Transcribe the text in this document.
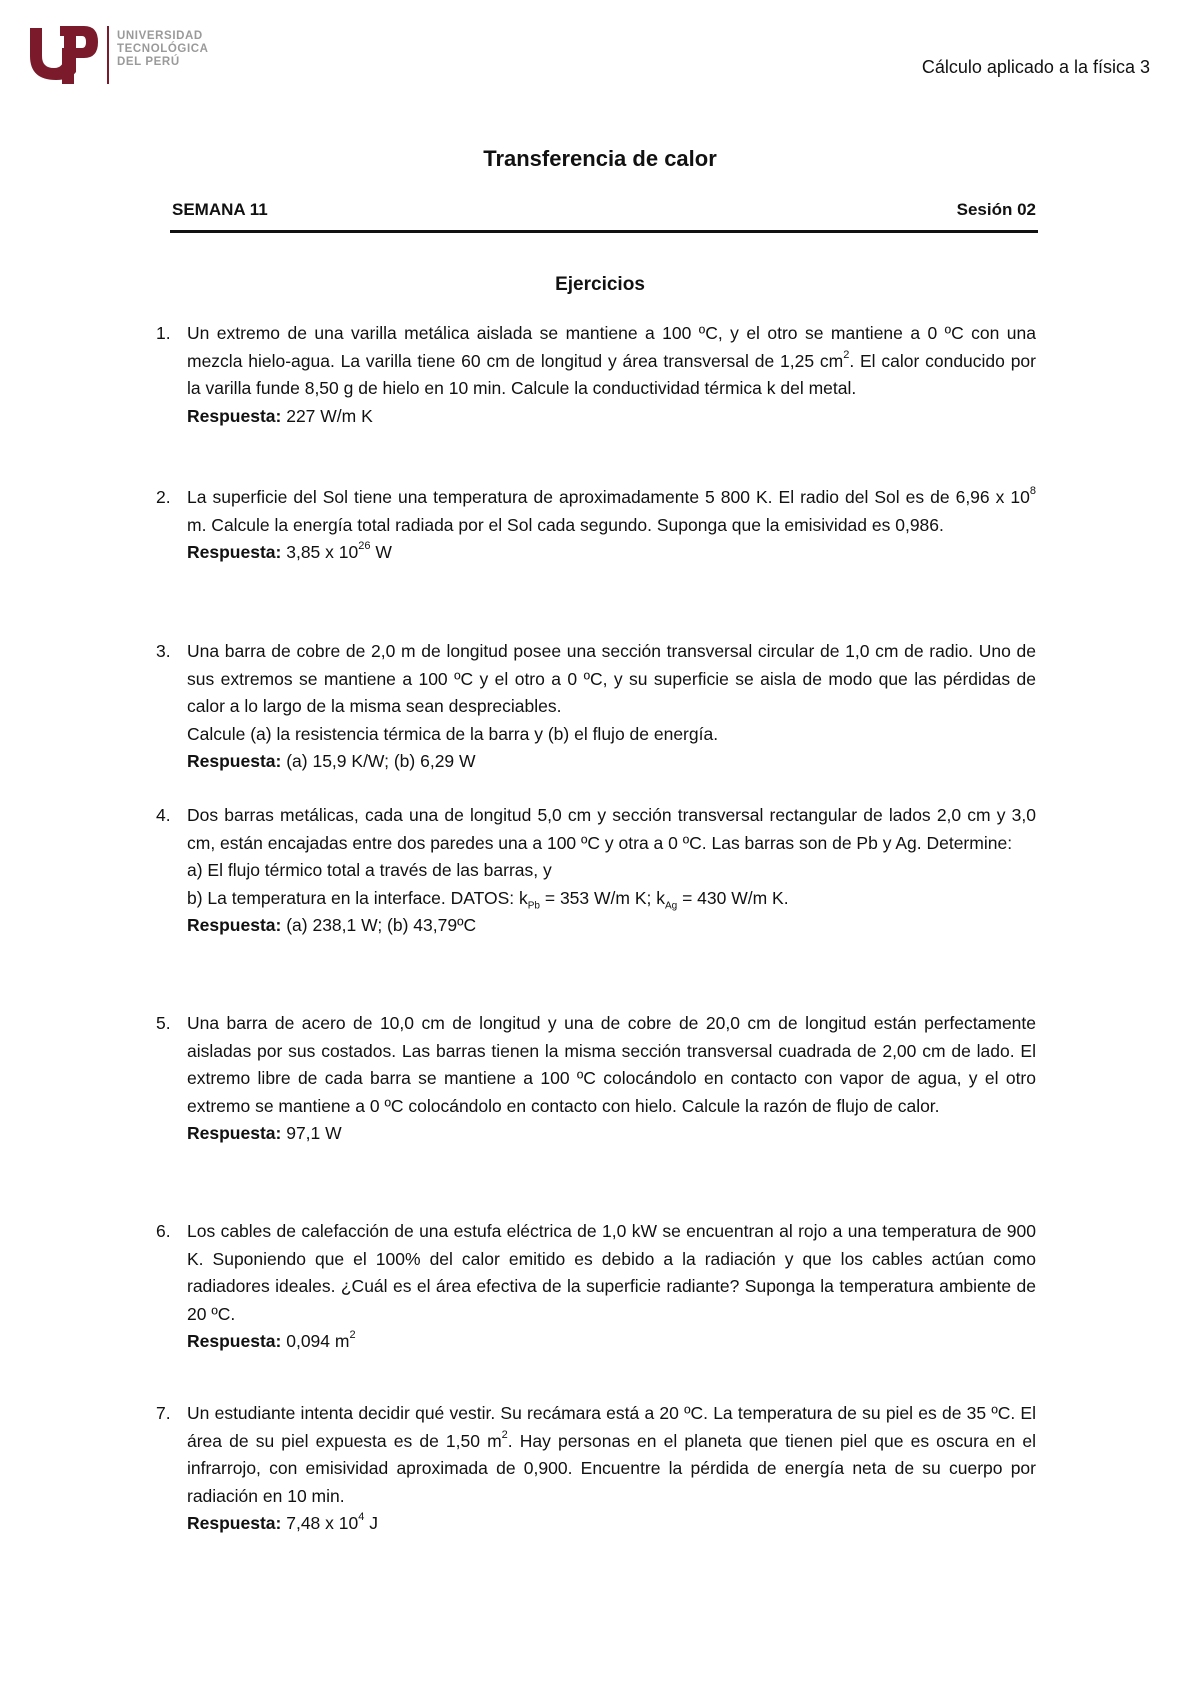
UNIVERSIDAD
TECNOLÓGICA
DEL PERÚ	Cálculo aplicado a la física 3
Transferencia de calor
SEMANA 11	Sesión 02
Ejercicios
1. Un extremo de una varilla metálica aislada se mantiene a 100 ºC, y el otro se mantiene a 0 ºC con una mezcla hielo-agua. La varilla tiene 60 cm de longitud y área transversal de 1,25 $cm^2$. El calor conducido por la varilla funde 8,50 g de hielo en 10 min. Calcule la conductividad térmica k del metal.
Respuesta: 227 W/m K
2. La superficie del Sol tiene una temperatura de aproximadamente 5 800 K. El radio del Sol es de 6,96 x $10^8$ m. Calcule la energía total radiada por el Sol cada segundo. Suponga que la emisividad es 0,986.
Respuesta: 3,85 x $10^{26}$ W
3. Una barra de cobre de 2,0 m de longitud posee una sección transversal circular de 1,0 cm de radio. Uno de sus extremos se mantiene a 100 ºC y el otro a 0 ºC, y su superficie se aisla de modo que las pérdidas de calor a lo largo de la misma sean despreciables.
Calcule (a) la resistencia térmica de la barra y (b) el flujo de energía.
Respuesta: (a) 15,9 K/W; (b) 6,29 W
4. Dos barras metálicas, cada una de longitud 5,0 cm y sección transversal rectangular de lados 2,0 cm y 3,0 cm, están encajadas entre dos paredes una a 100 ºC y otra a 0 ºC. Las barras son de Pb y Ag. Determine:
a) El flujo térmico total a través de las barras, y
b) La temperatura en la interface. DATOS: $k_{Pb} = 353$ W/m K; $k_{Ag} = 430$ W/m K.
Respuesta: (a) 238,1 W; (b) 43,79ºC
5. Una barra de acero de 10,0 cm de longitud y una de cobre de 20,0 cm de longitud están perfectamente aisladas por sus costados. Las barras tienen la misma sección transversal cuadrada de 2,00 cm de lado. El extremo libre de cada barra se mantiene a 100 ºC colocándolo en contacto con vapor de agua, y el otro extremo se mantiene a 0 ºC colocándolo en contacto con hielo. Calcule la razón de flujo de calor.
Respuesta: 97,1 W
6. Los cables de calefacción de una estufa eléctrica de 1,0 kW se encuentran al rojo a una temperatura de 900 K. Suponiendo que el 100% del calor emitido es debido a la radiación y que los cables actúan como radiadores ideales. ¿Cuál es el área efectiva de la superficie radiante? Suponga la temperatura ambiente de 20 ºC.
Respuesta: 0,094 $m^2$
7. Un estudiante intenta decidir qué vestir. Su recámara está a 20 ºC. La temperatura de su piel es de 35 ºC. El área de su piel expuesta es de 1,50 $m^2$. Hay personas en el planeta que tienen piel que es oscura en el infrarrojo, con emisividad aproximada de 0,900. Encuentre la pérdida de energía neta de su cuerpo por radiación en 10 min.
Respuesta: 7,48 x $10^4$ J
